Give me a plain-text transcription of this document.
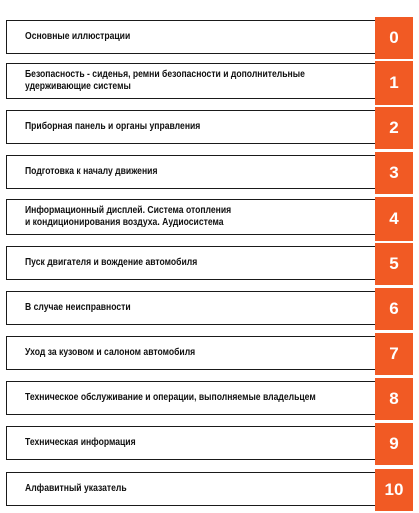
Основные иллюстрации	0
Безопасность - сиденья, ремни безопасности и дополнительные
удерживающие системы	1
Приборная панель и органы управления	2
Подготовка к началу движения	3
Информационный дисплей. Система отопления
и кондиционирования воздуха. Аудиосистема	4
Пуск двигателя и вождение автомобиля	5
В случае неисправности	6
Уход за кузовом и салоном автомобиля	7
Техническое обслуживание и операции, выполняемые владельцем	8
Техническая информация	9
Алфавитный указатель	10
